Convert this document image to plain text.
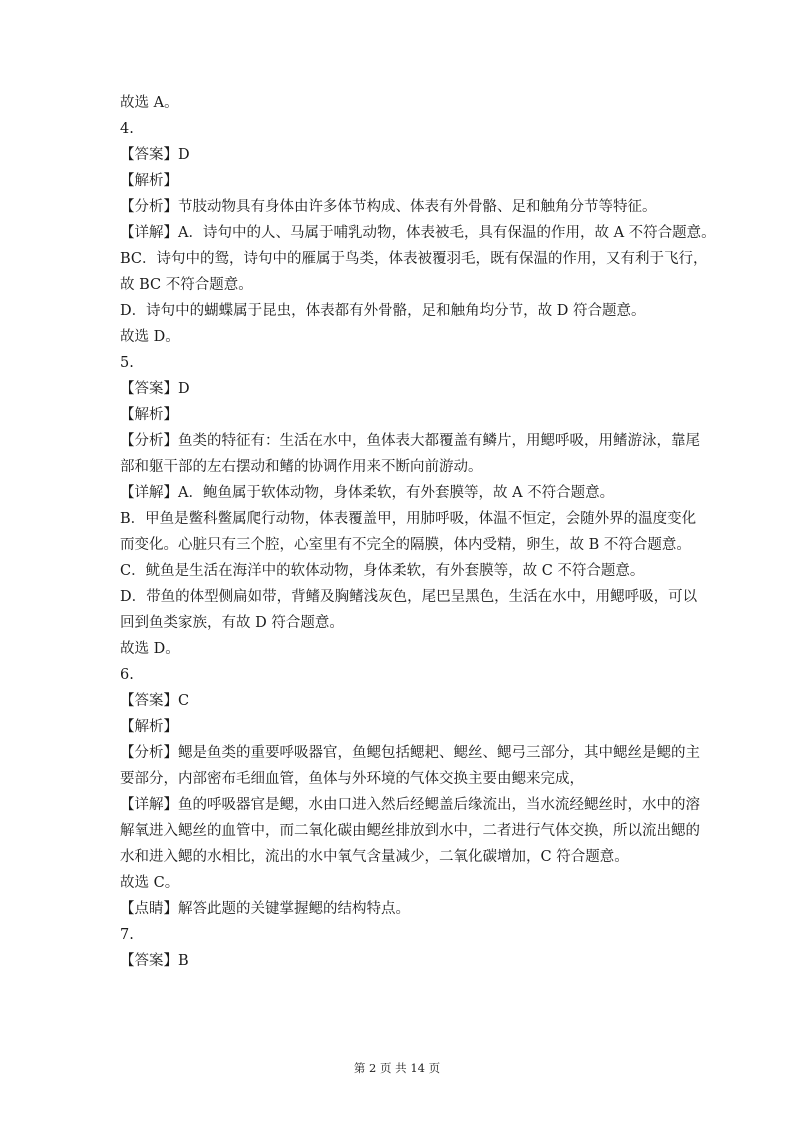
故选 A。

4.

【答案】D

【解析】

【分析】节肢动物具有身体由许多体节构成、体表有外骨骼、足和触角分节等特征。

【详解】A．诗句中的人、马属于哺乳动物，体表被毛，具有保温的作用，故 A 不符合题意。

BC．诗句中的鸳，诗句中的雁属于鸟类，体表被覆羽毛，既有保温的作用，又有利于飞行，

故 BC 不符合题意。

D．诗句中的蝴蝶属于昆虫，体表都有外骨骼，足和触角均分节，故 D 符合题意。

故选 D。

5.

【答案】D

【解析】

【分析】鱼类的特征有：生活在水中，鱼体表大都覆盖有鳞片，用鳃呼吸，用鳍游泳，靠尾

部和躯干部的左右摆动和鳍的协调作用来不断向前游动。

【详解】A．鲍鱼属于软体动物，身体柔软，有外套膜等，故 A 不符合题意。

B．甲鱼是鳖科鳖属爬行动物，体表覆盖甲，用肺呼吸，体温不恒定，会随外界的温度变化

而变化。心脏只有三个腔，心室里有不完全的隔膜，体内受精，卵生，故 B 不符合题意。

C．鱿鱼是生活在海洋中的软体动物，身体柔软，有外套膜等，故 C 不符合题意。

D．带鱼的体型侧扁如带，背鳍及胸鳍浅灰色，尾巴呈黑色，生活在水中，用鳃呼吸，可以

回到鱼类家族，有故 D 符合题意。

故选 D。

6.

【答案】C

【解析】

【分析】鳃是鱼类的重要呼吸器官，鱼鳃包括鳃耙、鳃丝、鳃弓三部分，其中鳃丝是鳃的主

要部分，内部密布毛细血管，鱼体与外环境的气体交换主要由鳃来完成，

【详解】鱼的呼吸器官是鳃，水由口进入然后经鳃盖后缘流出，当水流经鳃丝时，水中的溶

解氧进入鳃丝的血管中，而二氧化碳由鳃丝排放到水中，二者进行气体交换，所以流出鳃的

水和进入鳃的水相比，流出的水中氧气含量减少，二氧化碳增加，C 符合题意。

故选 C。

【点睛】解答此题的关键掌握鳃的结构特点。

7.

【答案】B

第 2 页 共 14 页
